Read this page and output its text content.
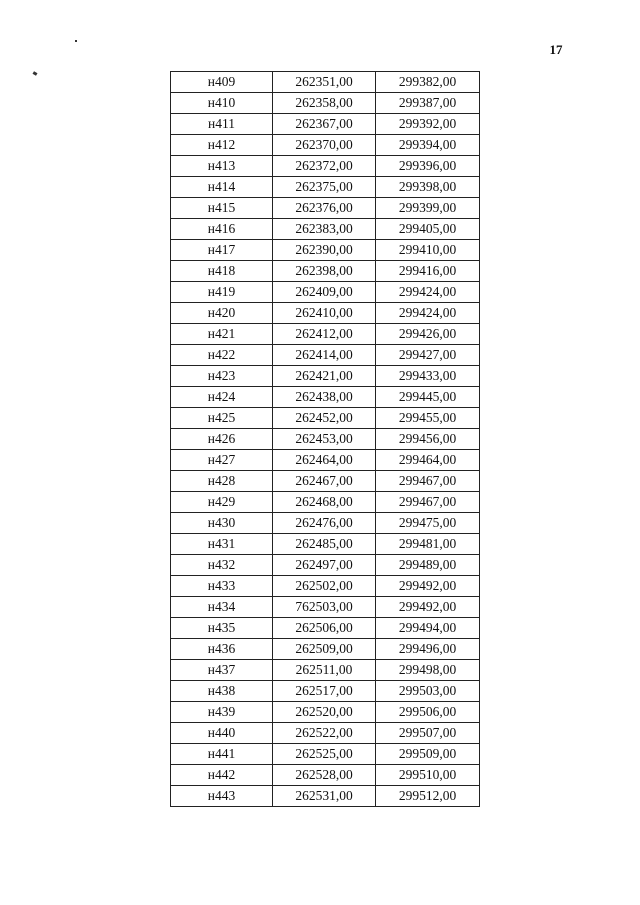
17
н409	262351,00	299382,00
н410	262358,00	299387,00
н411	262367,00	299392,00
н412	262370,00	299394,00
н413	262372,00	299396,00
н414	262375,00	299398,00
н415	262376,00	299399,00
н416	262383,00	299405,00
н417	262390,00	299410,00
н418	262398,00	299416,00
н419	262409,00	299424,00
н420	262410,00	299424,00
н421	262412,00	299426,00
н422	262414,00	299427,00
н423	262421,00	299433,00
н424	262438,00	299445,00
н425	262452,00	299455,00
н426	262453,00	299456,00
н427	262464,00	299464,00
н428	262467,00	299467,00
н429	262468,00	299467,00
н430	262476,00	299475,00
н431	262485,00	299481,00
н432	262497,00	299489,00
н433	262502,00	299492,00
н434	762503,00	299492,00
н435	262506,00	299494,00
н436	262509,00	299496,00
н437	262511,00	299498,00
н438	262517,00	299503,00
н439	262520,00	299506,00
н440	262522,00	299507,00
н441	262525,00	299509,00
н442	262528,00	299510,00
н443	262531,00	299512,00
